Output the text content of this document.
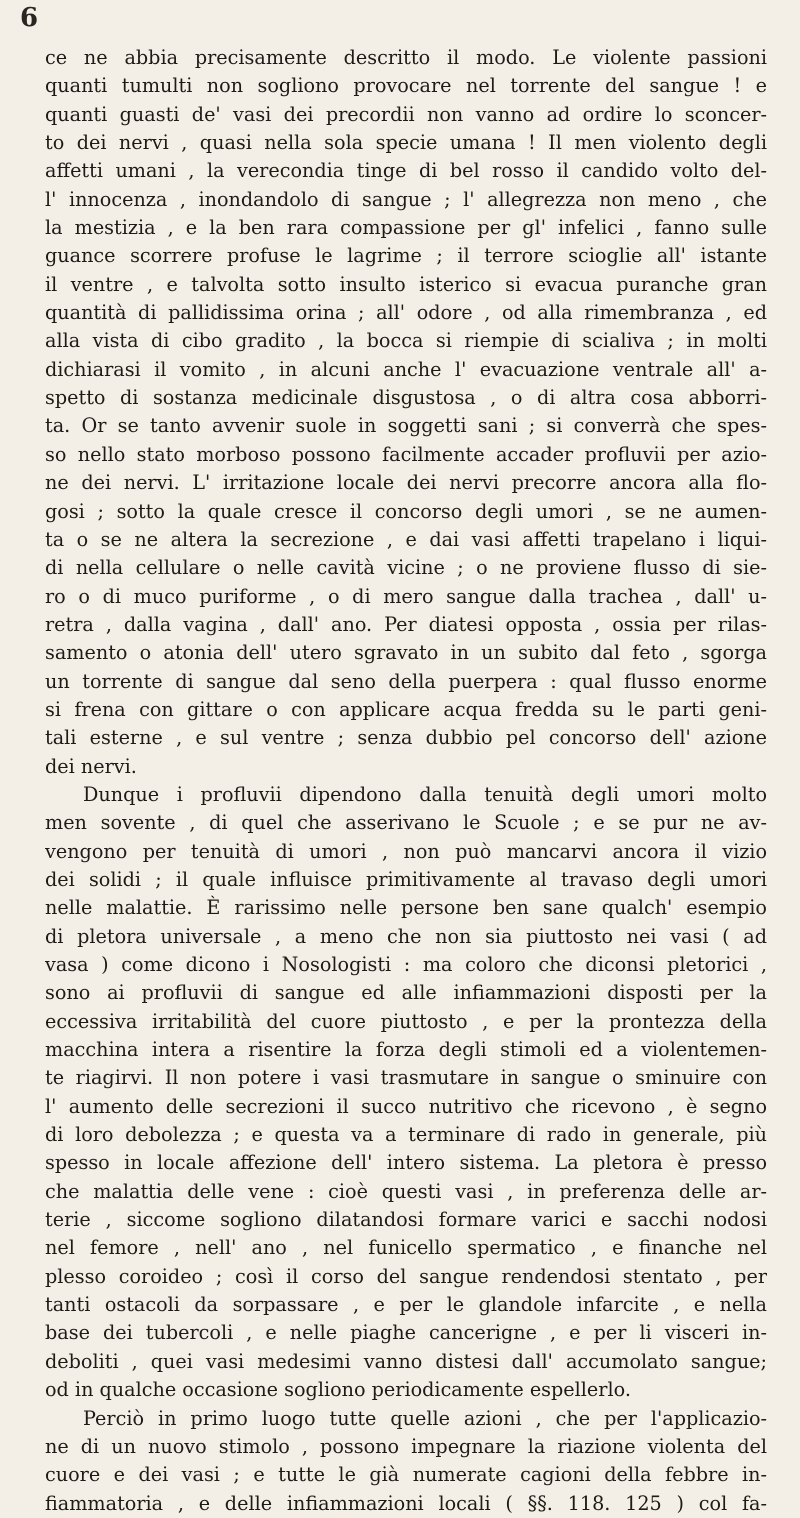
6
ce ne abbia precisamente descritto il modo. Le violente passioni
quanti tumulti non sogliono provocare nel torrente del sangue ! e
quanti guasti de' vasi dei precordii non vanno ad ordire lo sconcer-
to dei nervi , quasi nella sola specie umana ! Il men violento degli
affetti umani , la verecondia tinge di bel rosso il candido volto del-
l' innocenza , inondandolo di sangue ; l' allegrezza non meno , che
la mestizia , e la ben rara compassione per gl' infelici , fanno sulle
guance scorrere profuse le lagrime ; il terrore scioglie all' istante
il ventre , e talvolta sotto insulto isterico si evacua puranche gran
quantità di pallidissima orina ; all' odore , od alla rimembranza , ed
alla vista di cibo gradito , la bocca si riempie di scialiva ; in molti
dichiarasi il vomito , in alcuni anche l' evacuazione ventrale all' a-
spetto di sostanza medicinale disgustosa , o di altra cosa abborri-
ta. Or se tanto avvenir suole in soggetti sani ; si converrà che spes-
so nello stato morboso possono facilmente accader profluvii per azio-
ne dei nervi. L' irritazione locale dei nervi precorre ancora alla flo-
gosi ; sotto la quale cresce il concorso degli umori , se ne aumen-
ta o se ne altera la secrezione , e dai vasi affetti trapelano i liqui-
di nella cellulare o nelle cavità vicine ; o ne proviene flusso di sie-
ro o di muco puriforme , o di mero sangue dalla trachea , dall' u-
retra , dalla vagina , dall' ano. Per diatesi opposta , ossia per rilas-
samento o atonia dell' utero sgravato in un subito dal feto , sgorga
un torrente di sangue dal seno della puerpera : qual flusso enorme
si frena con gittare o con applicare acqua fredda su le parti geni-
tali esterne , e sul ventre ; senza dubbio pel concorso dell' azione
dei nervi.
Dunque i profluvii dipendono dalla tenuità degli umori molto
men sovente , di quel che asserivano le Scuole ; e se pur ne av-
vengono per tenuità di umori , non può mancarvi ancora il vizio
dei solidi ; il quale influisce primitivamente al travaso degli umori
nelle malattie. È rarissimo nelle persone ben sane qualch' esempio
di pletora universale , a meno che non sia piuttosto nei vasi ( ad
vasa ) come dicono i Nosologisti : ma coloro che diconsi pletorici ,
sono ai profluvii di sangue ed alle infiammazioni disposti per la
eccessiva irritabilità del cuore piuttosto , e per la prontezza della
macchina intera a risentire la forza degli stimoli ed a violentemen-
te riagirvi. Il non potere i vasi trasmutare in sangue o sminuire con
l' aumento delle secrezioni il succo nutritivo che ricevono , è segno
di loro debolezza ; e questa va a terminare di rado in generale, più
spesso in locale affezione dell' intero sistema. La pletora è presso
che malattia delle vene : cioè questi vasi , in preferenza delle ar-
terie , siccome sogliono dilatandosi formare varici e sacchi nodosi
nel femore , nell' ano , nel funicello spermatico , e finanche nel
plesso coroideo ; così il corso del sangue rendendosi stentato , per
tanti ostacoli da sorpassare , e per le glandole infarcite , e nella
base dei tubercoli , e nelle piaghe cancerigne , e per li visceri in-
deboliti , quei vasi medesimi vanno distesi dall' accumolato sangue;
od in qualche occasione sogliono periodicamente espellerlo.
Perciò in primo luogo tutte quelle azioni , che per l'applicazio-
ne di un nuovo stimolo , possono impegnare la riazione violenta del
cuore e dei vasi ; e tutte le già numerate cagioni della febbre in-
fiammatoria , e delle infiammazioni locali ( §§. 118. 125 ) col fa-
